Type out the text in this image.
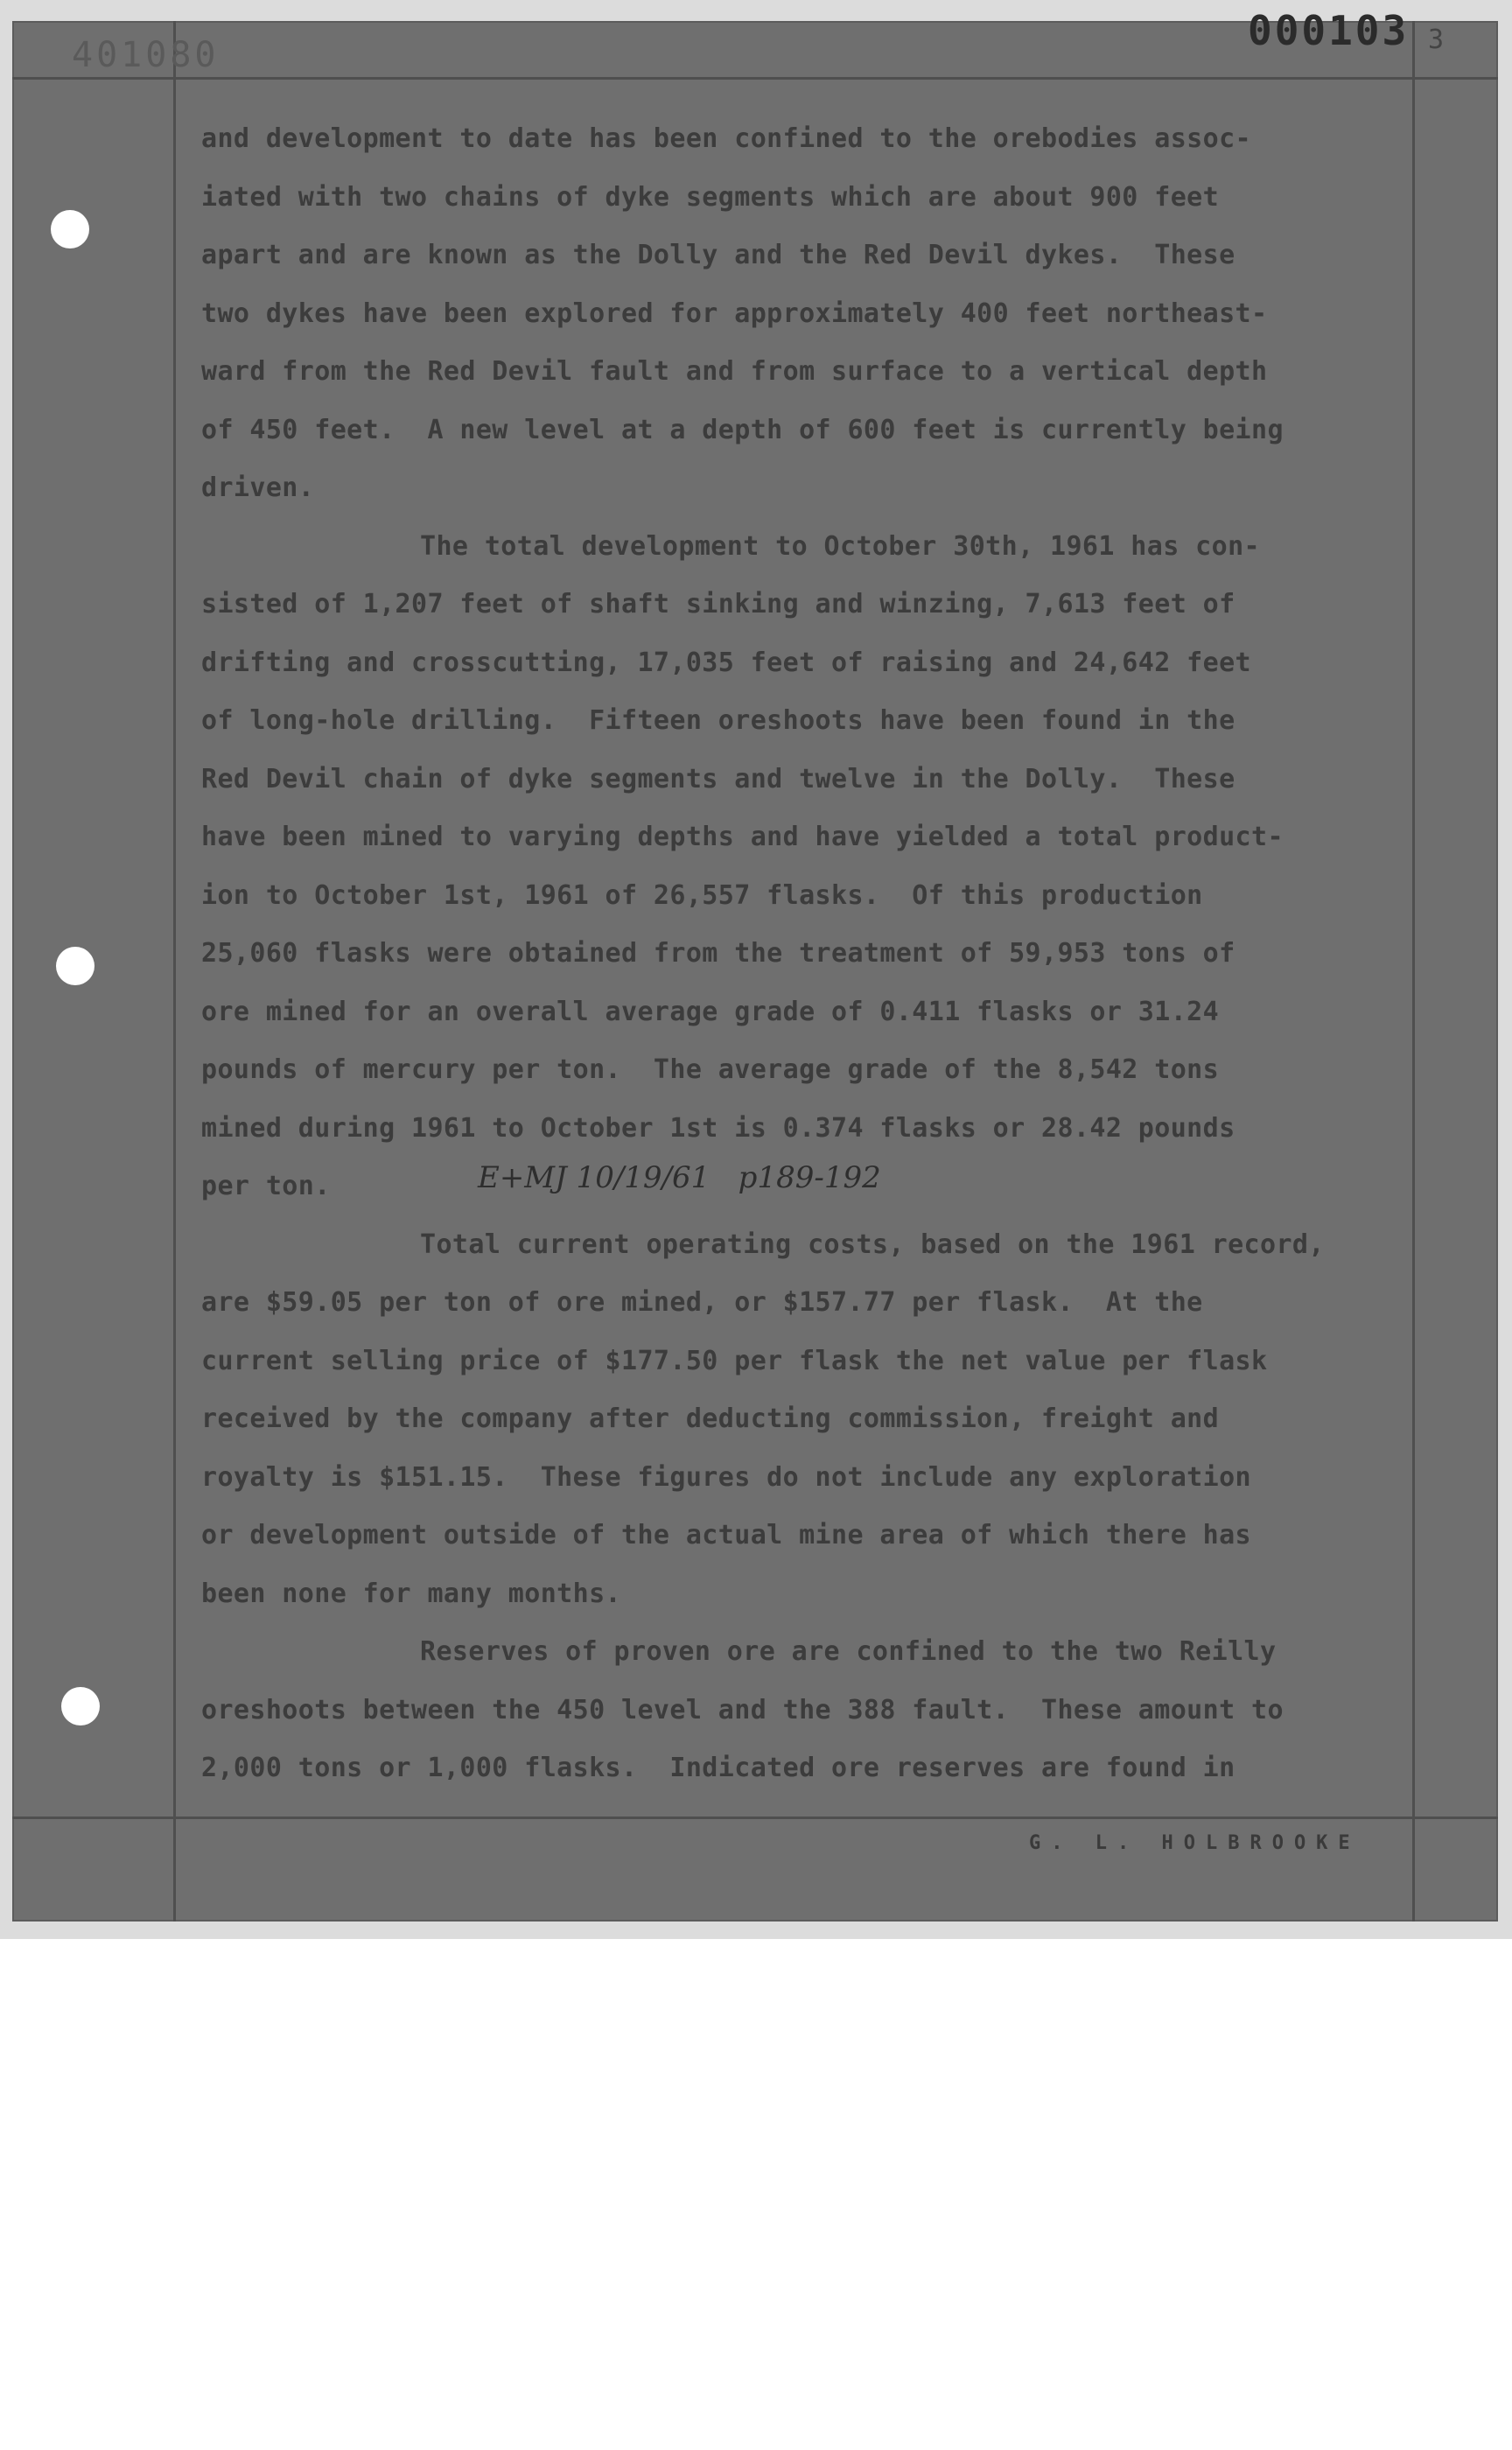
401080
000103 3
and development to date has been confined to the orebodies assoc-
iated with two chains of dyke segments which are about 900 feet
apart and are known as the Dolly and the Red Devil dykes.  These
two dykes have been explored for approximately 400 feet northeast-
ward from the Red Devil fault and from surface to a vertical depth
of 450 feet.  A new level at a depth of 600 feet is currently being
driven.
The total development to October 30th, 1961 has con-
sisted of 1,207 feet of shaft sinking and winzing, 7,613 feet of
drifting and crosscutting, 17,035 feet of raising and 24,642 feet
of long-hole drilling.  Fifteen oreshoots have been found in the
Red Devil chain of dyke segments and twelve in the Dolly.  These
have been mined to varying depths and have yielded a total product-
ion to October 1st, 1961 of 26,557 flasks.  Of this production
25,060 flasks were obtained from the treatment of 59,953 tons of
ore mined for an overall average grade of 0.411 flasks or 31.24
pounds of mercury per ton.  The average grade of the 8,542 tons
mined during 1961 to October 1st is 0.374 flasks or 28.42 pounds
per ton.
Total current operating costs, based on the 1961 record,
are $59.05 per ton of ore mined, or $157.77 per flask.  At the
current selling price of $177.50 per flask the net value per flask
received by the company after deducting commission, freight and
royalty is $151.15.  These figures do not include any exploration
or development outside of the actual mine area of which there has
been none for many months.
Reserves of proven ore are confined to the two Reilly
oreshoots between the 450 level and the 388 fault.  These amount to
2,000 tons or 1,000 flasks.  Indicated ore reserves are found in
E+MJ 10/19/61   p189-192
G. L. HOLBROOKE
